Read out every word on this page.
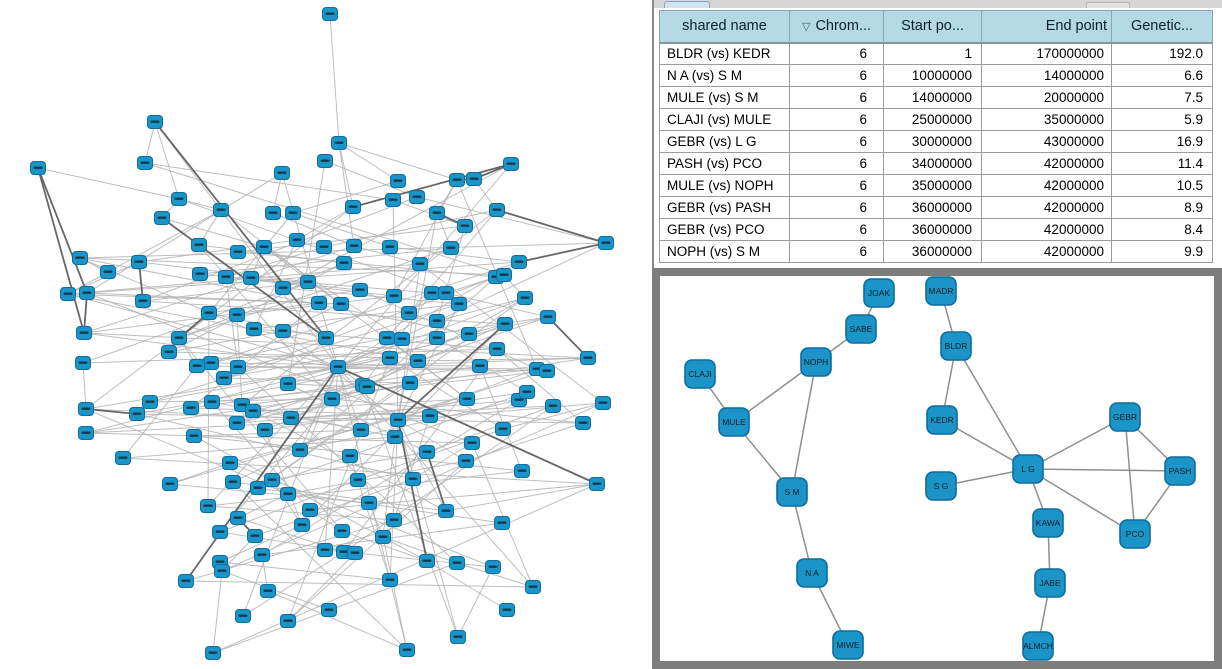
shared name	▽ Chrom...	Start po...	End point	Genetic...
BLDR (vs) KEDR	6	1	170000000	192.0
N A (vs) S M	6	10000000	14000000	6.6
MULE (vs) S M	6	14000000	20000000	7.5
CLAJI (vs) MULE	6	25000000	35000000	5.9
GEBR (vs) L G	6	30000000	43000000	16.9
PASH (vs) PCO	6	34000000	42000000	11.4
MULE (vs) NOPH	6	35000000	42000000	10.5
GEBR (vs) PASH	6	36000000	42000000	8.9
GEBR (vs) PCO	6	36000000	42000000	8.4
NOPH (vs) S M	6	36000000	42000000	9.9
JOAK	MADR
SABE
BLDR
NOPH
CLAJI
MULE	KEDR	GEBR
L G	PASH
S G
S M
KAWA
PCO
N A
JABE
ALMCH
MIWE
